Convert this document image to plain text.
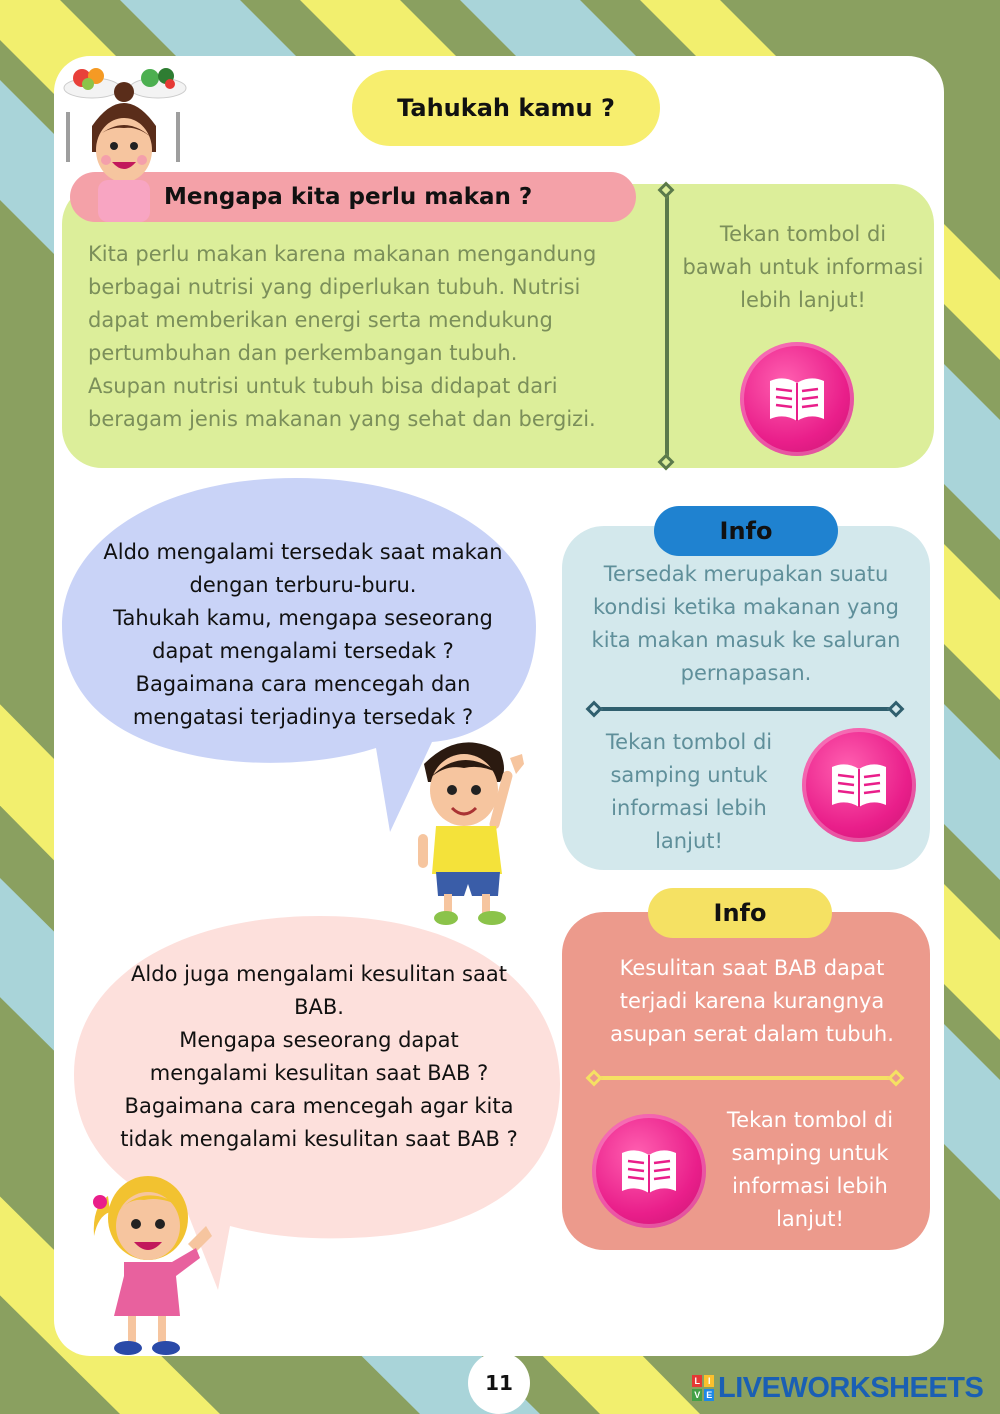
Tahukah kamu ?
Mengapa kita perlu makan ?
Kita perlu makan karena makanan mengandung
berbagai nutrisi yang diperlukan tubuh. Nutrisi
dapat memberikan energi serta mendukung
pertumbuhan dan perkembangan tubuh.
Asupan nutrisi untuk tubuh bisa didapat dari
beragam jenis makanan yang sehat dan bergizi.
Tekan tombol di
bawah untuk informasi
lebih lanjut!
Aldo mengalami tersedak saat makan
dengan terburu-buru.
Tahukah kamu, mengapa seseorang
dapat mengalami tersedak ?
Bagaimana cara mencegah dan
mengatasi terjadinya tersedak ?
Info
Tersedak merupakan suatu
kondisi ketika makanan yang
kita makan masuk ke saluran
pernapasan.
Tekan tombol di
samping untuk
informasi lebih
lanjut!
Aldo juga mengalami kesulitan saat
BAB.
Mengapa seseorang dapat
mengalami kesulitan saat BAB ?
Bagaimana cara mencegah agar kita
tidak mengalami kesulitan saat BAB ?
Info
Kesulitan saat BAB dapat
terjadi karena kurangnya
asupan serat dalam tubuh.
Tekan tombol di
samping untuk
informasi lebih
lanjut!
11	L I
V E LIVEWORKSHEETS
